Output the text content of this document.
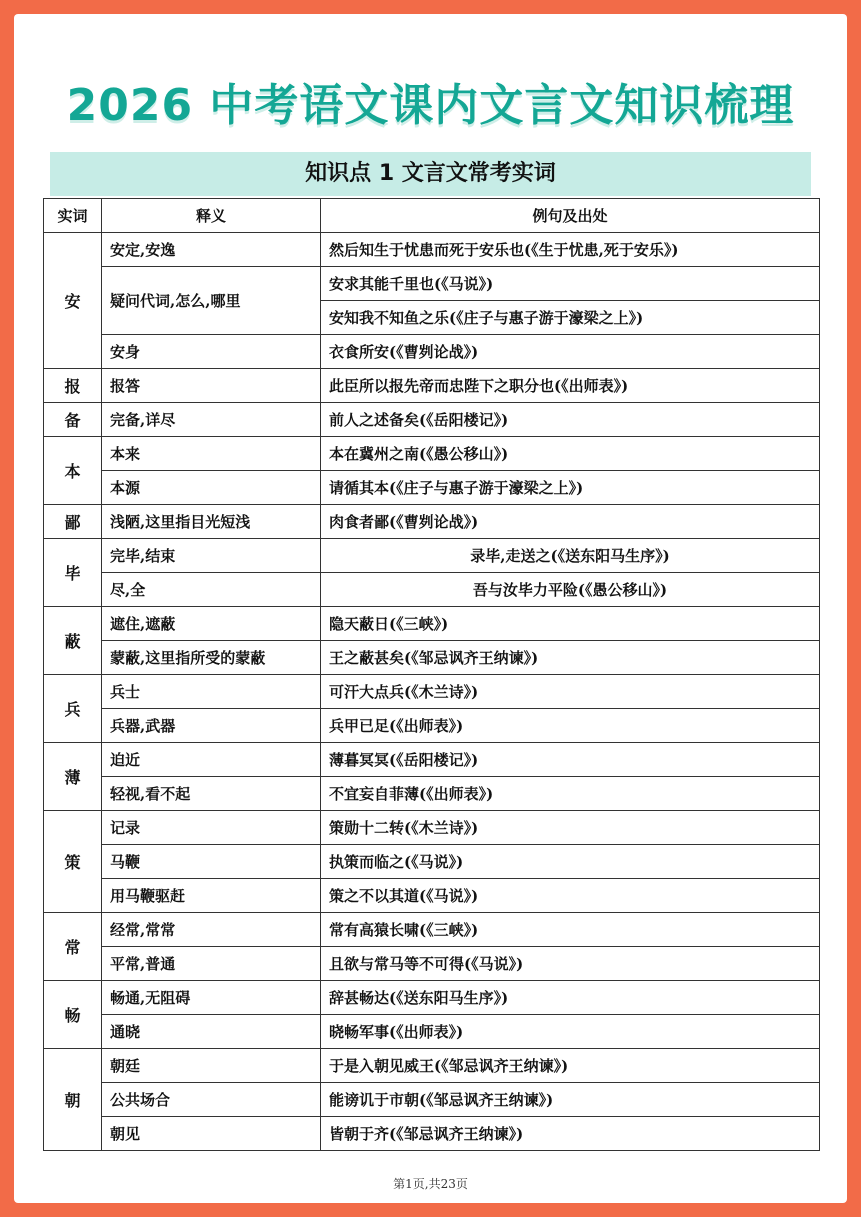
2026 中考语文课内文言文知识梳理
知识点 1 文言文常考实词
实词	释义	例句及出处
安	安定,安逸	然后知生于忧患而死于安乐也(《生于忧患,死于安乐》)
	疑问代词,怎么,哪里	安求其能千里也(《马说》)
		安知我不知鱼之乐(《庄子与惠子游于濠梁之上》)
	安身	衣食所安(《曹刿论战》)
报	报答	此臣所以报先帝而忠陛下之职分也(《出师表》)
备	完备,详尽	前人之述备矣(《岳阳楼记》)
本	本来	本在冀州之南(《愚公移山》)
	本源	请循其本(《庄子与惠子游于濠梁之上》)
鄙	浅陋,这里指目光短浅	肉食者鄙(《曹刿论战》)
毕	完毕,结束	录毕,走送之(《送东阳马生序》)
	尽,全	吾与汝毕力平险(《愚公移山》)
蔽	遮住,遮蔽	隐天蔽日(《三峡》)
	蒙蔽,这里指所受的蒙蔽	王之蔽甚矣(《邹忌讽齐王纳谏》)
兵	兵士	可汗大点兵(《木兰诗》)
	兵器,武器	兵甲已足(《出师表》)
薄	迫近	薄暮冥冥(《岳阳楼记》)
	轻视,看不起	不宜妄自菲薄(《出师表》)
策	记录	策勋十二转(《木兰诗》)
	马鞭	执策而临之(《马说》)
	用马鞭驱赶	策之不以其道(《马说》)
常	经常,常常	常有高猿长啸(《三峡》)
	平常,普通	且欲与常马等不可得(《马说》)
畅	畅通,无阻碍	辞甚畅达(《送东阳马生序》)
	通晓	晓畅军事(《出师表》)
朝	朝廷	于是入朝见威王(《邹忌讽齐王纳谏》)
	公共场合	能谤讥于市朝(《邹忌讽齐王纳谏》)
	朝见	皆朝于齐(《邹忌讽齐王纳谏》)
第1页,共23页
